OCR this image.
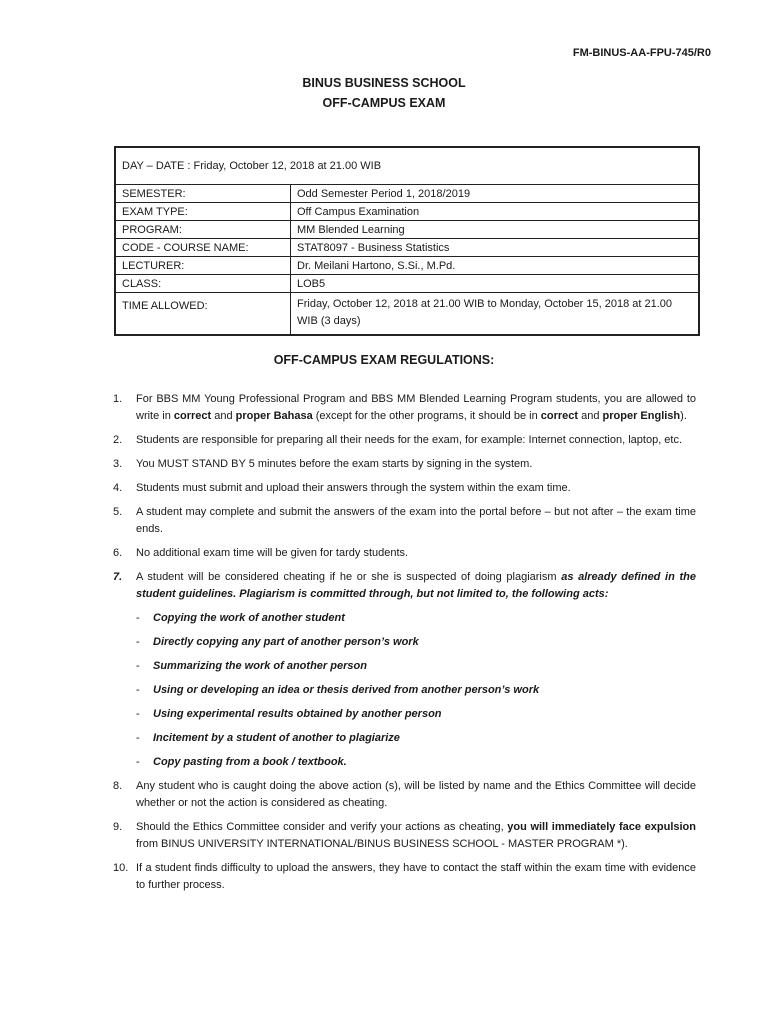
FM-BINUS-AA-FPU-745/R0
BINUS BUSINESS SCHOOL
OFF-CAMPUS EXAM
DAY – DATE : Friday, October 12, 2018 at 21.00 WIB	
SEMESTER:	Odd Semester Period 1, 2018/2019
EXAM TYPE:	Off Campus Examination
PROGRAM:	MM Blended Learning
CODE - COURSE NAME:	STAT8097 - Business Statistics
LECTURER:	Dr. Meilani Hartono, S.Si., M.Pd.
CLASS:	LOB5
TIME ALLOWED:	Friday, October 12, 2018 at 21.00 WIB to Monday, October 15, 2018 at 21.00 WIB (3 days)
OFF-CAMPUS EXAM REGULATIONS:
1. For BBS MM Young Professional Program and BBS MM Blended Learning Program students, you are allowed to write in correct and proper Bahasa (except for the other programs, it should be in correct and proper English).
2. Students are responsible for preparing all their needs for the exam, for example: Internet connection, laptop, etc.
3. You MUST STAND BY 5 minutes before the exam starts by signing in the system.
4. Students must submit and upload their answers through the system within the exam time.
5. A student may complete and submit the answers of the exam into the portal before – but not after – the exam time ends.
6. No additional exam time will be given for tardy students.
7. A student will be considered cheating if he or she is suspected of doing plagiarism as already defined in the student guidelines. Plagiarism is committed through, but not limited to, the following acts:
- Copying the work of another student
- Directly copying any part of another person’s work
- Summarizing the work of another person
- Using or developing an idea or thesis derived from another person’s work
- Using experimental results obtained by another person
- Incitement by a student of another to plagiarize
- Copy pasting from a book / textbook.
8. Any student who is caught doing the above action (s), will be listed by name and the Ethics Committee will decide whether or not the action is considered as cheating.
9. Should the Ethics Committee consider and verify your actions as cheating, you will immediately face expulsion from BINUS UNIVERSITY INTERNATIONAL/BINUS BUSINESS SCHOOL - MASTER PROGRAM *).
10. If a student finds difficulty to upload the answers, they have to contact the staff within the exam time with evidence to further process.
